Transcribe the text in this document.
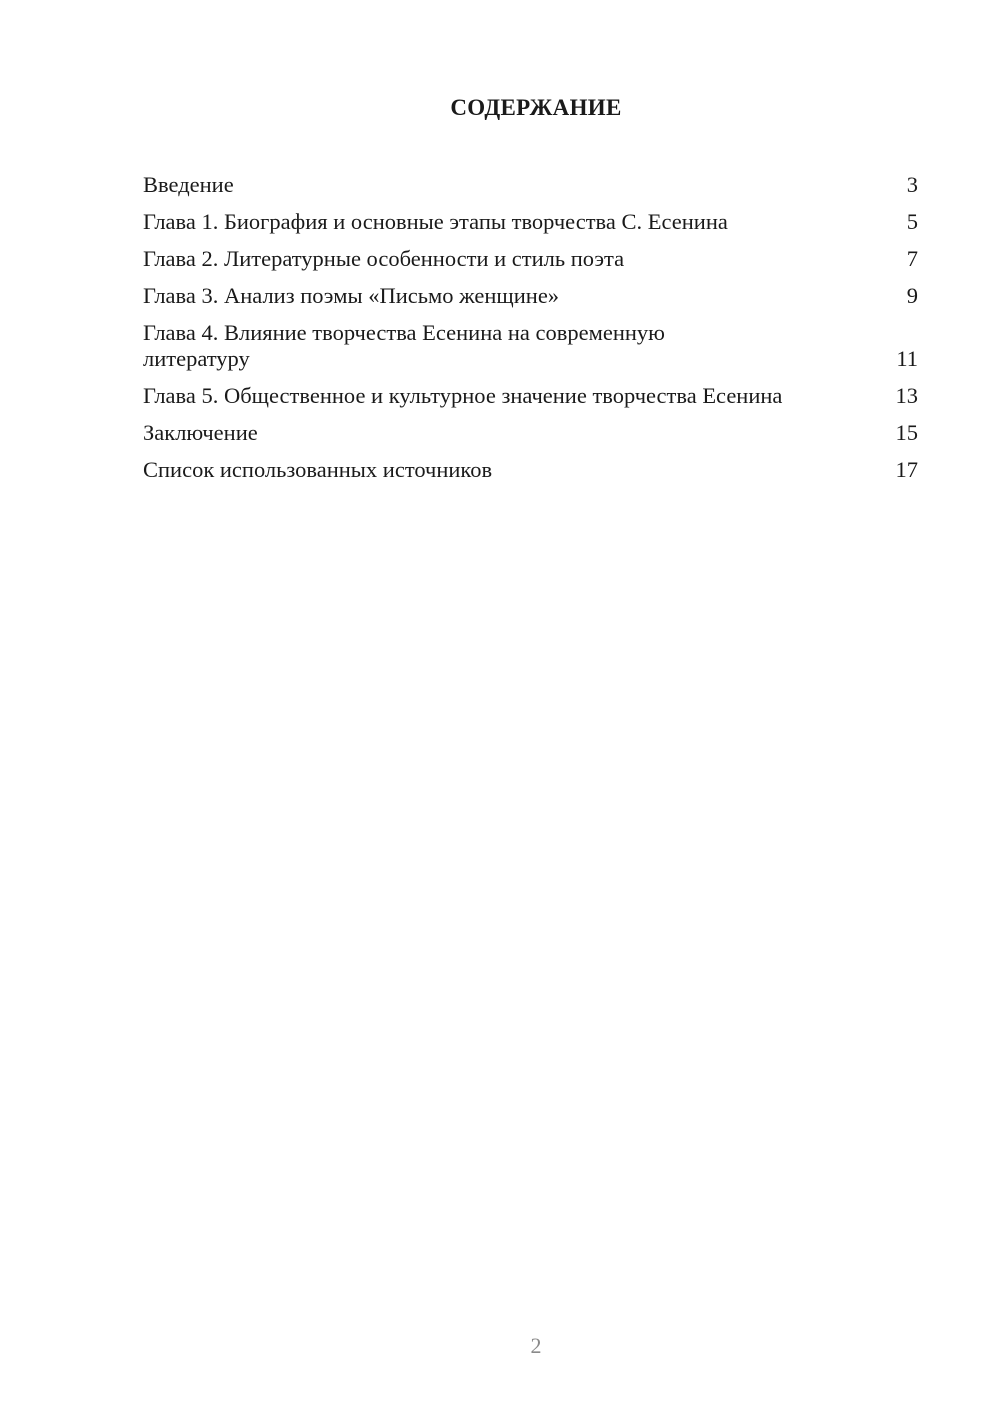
СОДЕРЖАНИЕ
Введение	3
Глава 1. Биография и основные этапы творчества С. Есенина	5
Глава 2. Литературные особенности и стиль поэта	7
Глава 3. Анализ поэмы «Письмо женщине»	9
Глава 4. Влияние творчества Есенина на современную литературу	11
Глава 5. Общественное и культурное значение творчества Есенина	13
Заключение	15
Список использованных источников	17
2
